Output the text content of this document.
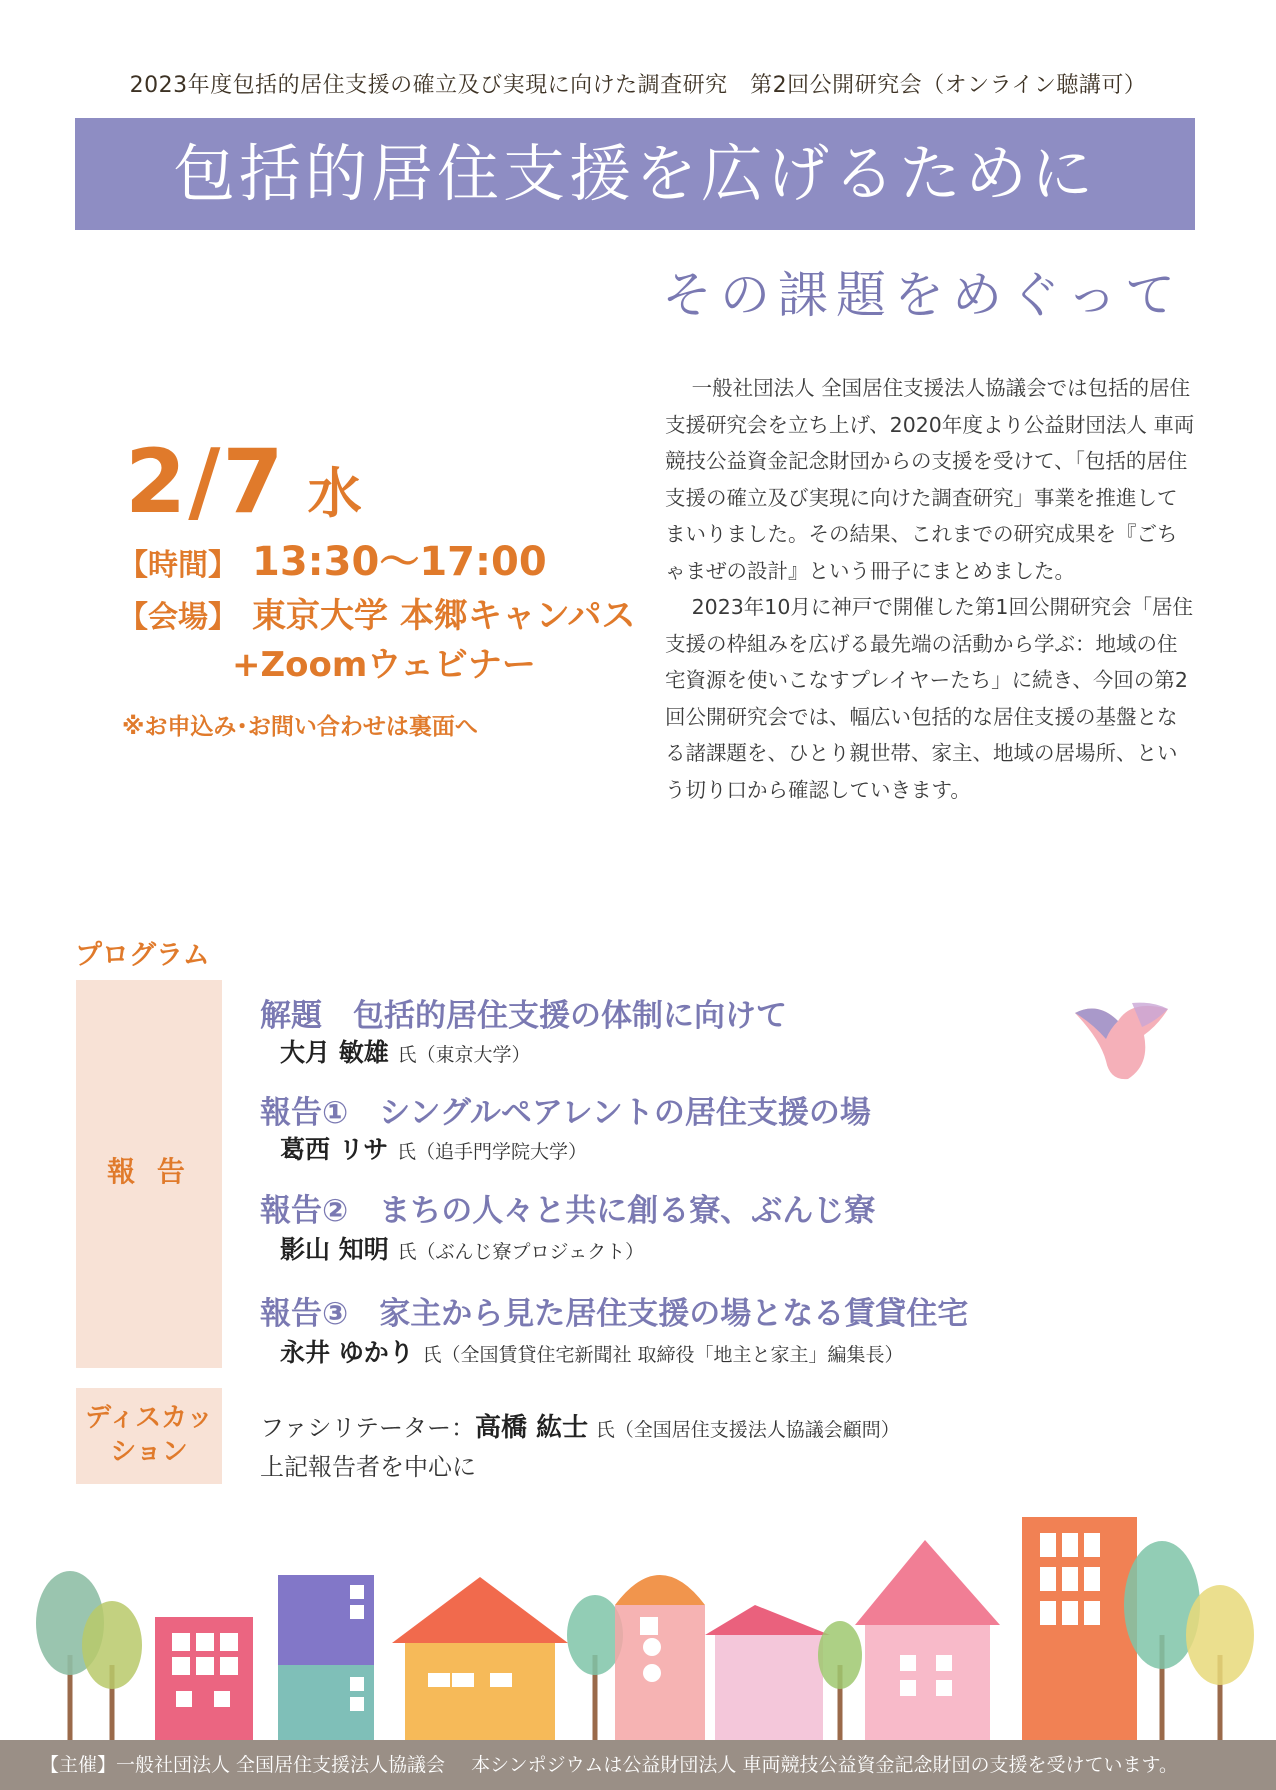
2023年度包括的居住支援の確立及び実現に向けた調査研究　第2回公開研究会（オンライン聴講可）
包括的居住支援を広げるために
その課題をめぐって
2/7 水
【時間】 13:30〜17:00
【会場】 東京大学 本郷キャンパス
+Zoomウェビナー
※お申込み･お問い合わせは裏面へ

一般社団法人 全国居住支援法人協議会では包括的居住支援研究会を立ち上げ、2020年度より公益財団法人 車両競技公益資金記念財団からの支援を受けて、「包括的居住支援の確立及び実現に向けた調査研究」事業を推進してまいりました。その結果、これまでの研究成果を『ごちゃまぜの設計』という冊子にまとめました。

2023年10月に神戸で開催した第1回公開研究会「居住支援の枠組みを広げる最先端の活動から学ぶ：地域の住宅資源を使いこなすプレイヤーたち」に続き、今回の第2回公開研究会では、幅広い包括的な居住支援の基盤となる諸課題を、ひとり親世帯、家主、地域の居場所、という切り口から確認していきます。

プログラム
報 告
ディスカッ
ション
解題　包括的居住支援の体制に向けて
大月 敏雄 氏（東京大学）
報告①　シングルペアレントの居住支援の場
葛西 リサ 氏（追手門学院大学）
報告②　まちの人々と共に創る寮、ぶんじ寮
影山 知明 氏（ぶんじ寮プロジェクト）
報告③　家主から見た居住支援の場となる賃貸住宅
永井 ゆかり 氏（全国賃貸住宅新聞社 取締役「地主と家主」編集長）
ファシリテーター：高橋 紘士 氏（全国居住支援法人協議会顧問）
上記報告者を中心に
【主催】一般社団法人 全国居住支援法人協議会 本シンポジウムは公益財団法人 車両競技公益資金記念財団の支援を受けています。
